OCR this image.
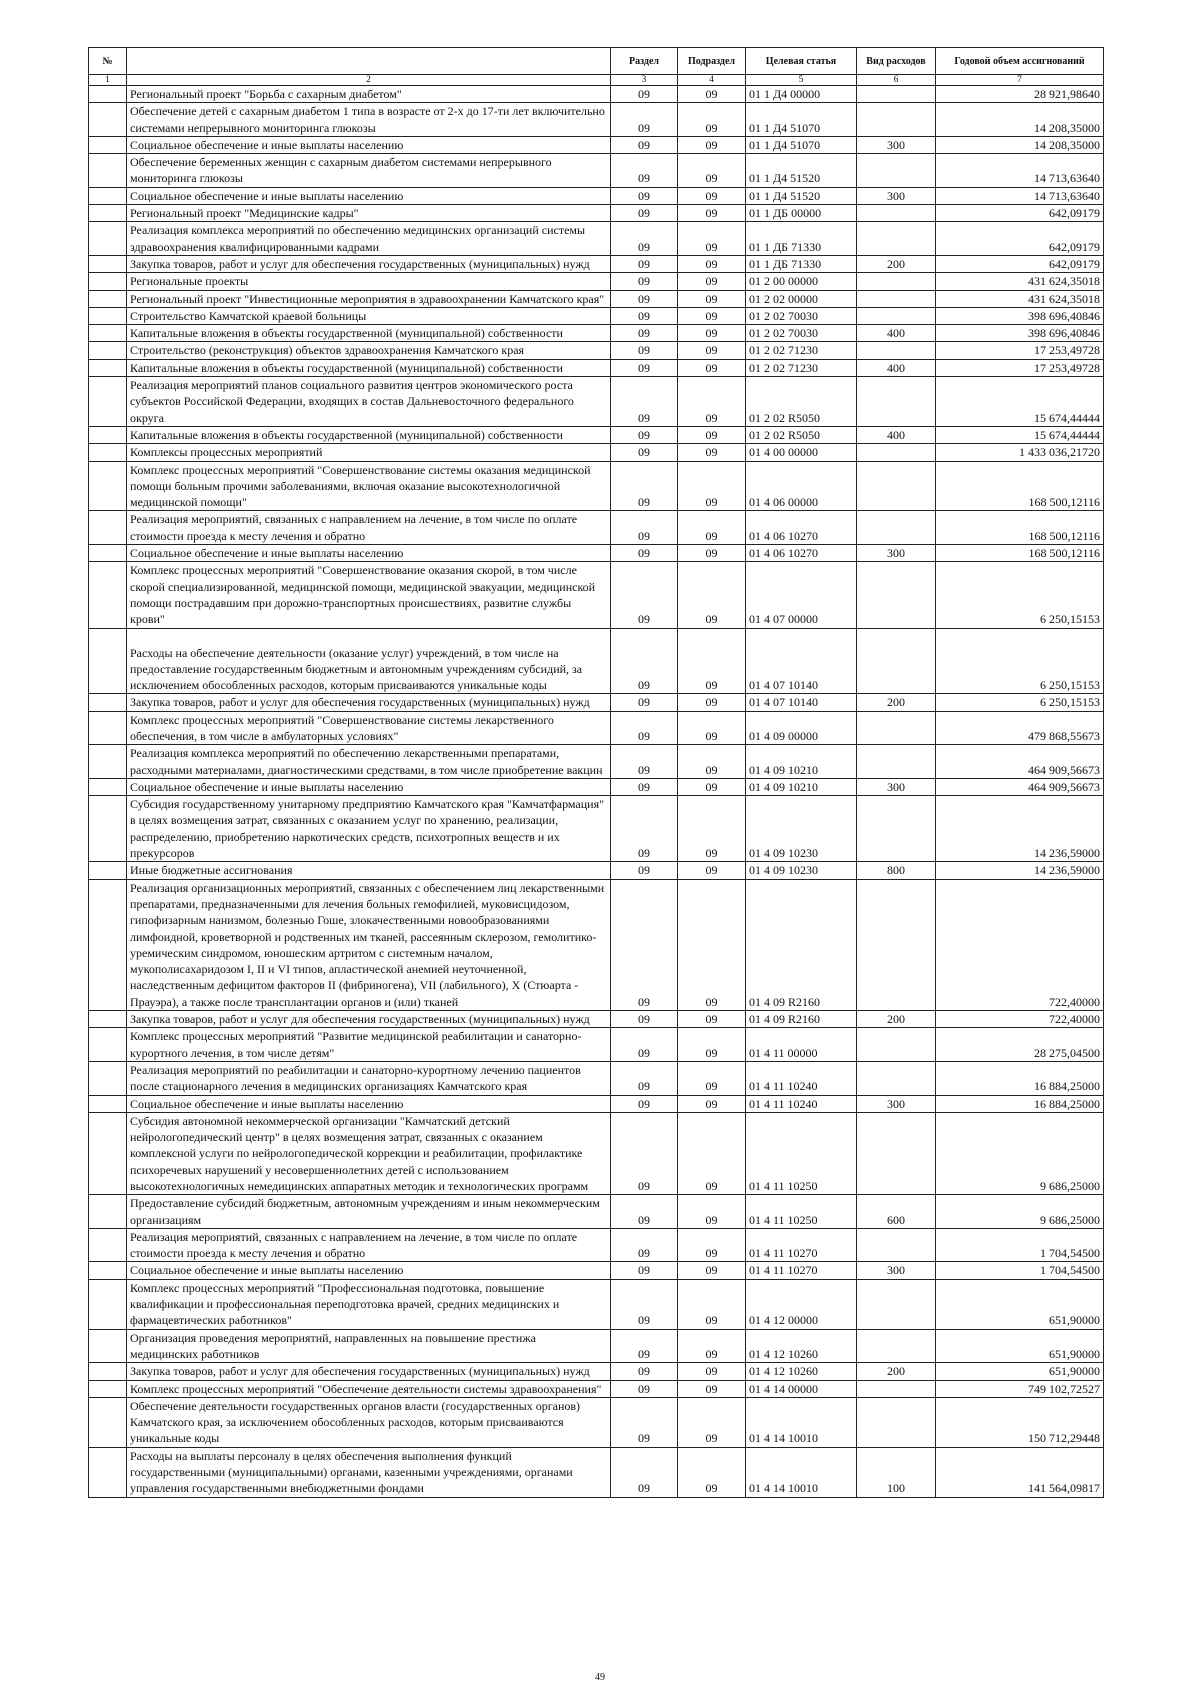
№		Раздел	Подраздел	Целевая статья	Вид расходов	Годовой объем ассигнований
1	2	3	4	5	6	7
	Региональный проект "Борьба с сахарным диабетом"	09	09	01 1 Д4 00000		28 921,98640
	Обеспечение детей с сахарным диабетом 1 типа в возрасте от 2-х до 17-ти лет включительно системами непрерывного мониторинга глюкозы	09	09	01 1 Д4 51070		14 208,35000
	Социальное обеспечение и иные выплаты населению	09	09	01 1 Д4 51070	300	14 208,35000
	Обеспечение беременных женщин с сахарным диабетом системами непрерывного мониторинга глюкозы	09	09	01 1 Д4 51520		14 713,63640
	Социальное обеспечение и иные выплаты населению	09	09	01 1 Д4 51520	300	14 713,63640
	Региональный проект "Медицинские кадры"	09	09	01 1 ДБ 00000		642,09179
	Реализация комплекса мероприятий по обеспечению медицинских организаций системы здравоохранения квалифицированными кадрами	09	09	01 1 ДБ 71330		642,09179
	Закупка товаров, работ и услуг для обеспечения государственных (муниципальных) нужд	09	09	01 1 ДБ 71330	200	642,09179
	Региональные проекты	09	09	01 2 00 00000		431 624,35018
	Региональный проект "Инвестиционные мероприятия в здравоохранении Камчатского края"	09	09	01 2 02 00000		431 624,35018
	Строительство Камчатской краевой больницы	09	09	01 2 02 70030		398 696,40846
	Капитальные вложения в объекты государственной (муниципальной) собственности	09	09	01 2 02 70030	400	398 696,40846
	Строительство (реконструкция) объектов здравоохранения Камчатского края	09	09	01 2 02 71230		17 253,49728
	Капитальные вложения в объекты государственной (муниципальной) собственности	09	09	01 2 02 71230	400	17 253,49728
	Реализация мероприятий планов социального развития центров экономического роста субъектов Российской Федерации, входящих в состав Дальневосточного федерального округа	09	09	01 2 02 R5050		15 674,44444
	Капитальные вложения в объекты государственной (муниципальной) собственности	09	09	01 2 02 R5050	400	15 674,44444
	Комплексы процессных мероприятий	09	09	01 4 00 00000		1 433 036,21720
	Комплекс процессных мероприятий "Совершенствование системы оказания медицинской помощи больным прочими заболеваниями, включая оказание высокотехнологичной медицинской помощи"	09	09	01 4 06 00000		168 500,12116
	Реализация мероприятий, связанных с направлением на лечение, в том числе по оплате стоимости проезда к месту лечения и обратно	09	09	01 4 06 10270		168 500,12116
	Социальное обеспечение и иные выплаты населению	09	09	01 4 06 10270	300	168 500,12116
	Комплекс процессных мероприятий "Совершенствование оказания скорой, в том числе скорой специализированной, медицинской помощи, медицинской эвакуации, медицинской помощи пострадавшим при дорожно-транспортных происшествиях, развитие службы крови"	09	09	01 4 07 00000		6 250,15153
	Расходы на обеспечение деятельности (оказание услуг) учреждений, в том числе на предоставление государственным бюджетным и автономным учреждениям субсидий, за исключением обособленных расходов, которым присваиваются уникальные коды	09	09	01 4 07 10140		6 250,15153
	Закупка товаров, работ и услуг для обеспечения государственных (муниципальных) нужд	09	09	01 4 07 10140	200	6 250,15153
	Комплекс процессных мероприятий "Совершенствование системы лекарственного обеспечения, в том числе в амбулаторных условиях"	09	09	01 4 09 00000		479 868,55673
	Реализация комплекса мероприятий по обеспечению лекарственными препаратами, расходными материалами, диагностическими средствами, в том числе приобретение вакцин	09	09	01 4 09 10210		464 909,56673
	Социальное обеспечение и иные выплаты населению	09	09	01 4 09 10210	300	464 909,56673
	Субсидия государственному унитарному предприятию Камчатского края "Камчатфармация" в целях возмещения затрат, связанных с оказанием услуг по хранению, реализации, распределению, приобретению наркотических средств, психотропных веществ и их прекурсоров	09	09	01 4 09 10230		14 236,59000
	Иные бюджетные ассигнования	09	09	01 4 09 10230	800	14 236,59000
	Реализация организационных мероприятий, связанных с обеспечением лиц лекарственными препаратами, предназначенными для лечения больных гемофилией, муковисцидозом, гипофизарным нанизмом, болезнью Гоше, злокачественными новообразованиями лимфоидной, кроветворной и родственных им тканей, рассеянным склерозом, гемолитико-уремическим синдромом, юношеским артритом с системным началом, мукополисахаридозом I, II и VI типов, апластической анемией неуточненной, наследственным дефицитом факторов II (фибриногена), VII (лабильного), X (Стюарта - Прауэра), а также после трансплантации органов и (или) тканей	09	09	01 4 09 R2160		722,40000
	Закупка товаров, работ и услуг для обеспечения государственных (муниципальных) нужд	09	09	01 4 09 R2160	200	722,40000
	Комплекс процессных мероприятий "Развитие медицинской реабилитации и санаторно-курортного лечения, в том числе детям"	09	09	01 4 11 00000		28 275,04500
	Реализация мероприятий по реабилитации и санаторно-курортному лечению пациентов после стационарного лечения в медицинских организациях Камчатского края	09	09	01 4 11 10240		16 884,25000
	Социальное обеспечение и иные выплаты населению	09	09	01 4 11 10240	300	16 884,25000
	Субсидия автономной некоммерческой организации "Камчатский детский нейрологопедический центр" в целях возмещения затрат, связанных с оказанием комплексной услуги по нейрологопедической коррекции и реабилитации, профилактике психоречевых нарушений у несовершеннолетних детей с использованием высокотехнологичных немедицинских аппаратных методик и технологических программ	09	09	01 4 11 10250		9 686,25000
	Предоставление субсидий бюджетным, автономным учреждениям и иным некоммерческим организациям	09	09	01 4 11 10250	600	9 686,25000
	Реализация мероприятий, связанных с направлением на лечение, в том числе по оплате стоимости проезда к месту лечения и обратно	09	09	01 4 11 10270		1 704,54500
	Социальное обеспечение и иные выплаты населению	09	09	01 4 11 10270	300	1 704,54500
	Комплекс процессных мероприятий "Профессиональная подготовка, повышение квалификации и профессиональная переподготовка врачей, средних медицинских и фармацевтических работников"	09	09	01 4 12 00000		651,90000
	Организация проведения мероприятий, направленных на повышение престижа медицинских работников	09	09	01 4 12 10260		651,90000
	Закупка товаров, работ и услуг для обеспечения государственных (муниципальных) нужд	09	09	01 4 12 10260	200	651,90000
	Комплекс процессных мероприятий "Обеспечение деятельности системы здравоохранения"	09	09	01 4 14 00000		749 102,72527
	Обеспечение деятельности государственных органов власти (государственных органов) Камчатского края, за исключением обособленных расходов, которым присваиваются уникальные коды	09	09	01 4 14 10010		150 712,29448
	Расходы на выплаты персоналу в целях обеспечения выполнения функций государственными (муниципальными) органами, казенными учреждениями, органами управления государственными внебюджетными фондами	09	09	01 4 14 10010	100	141 564,09817
49
